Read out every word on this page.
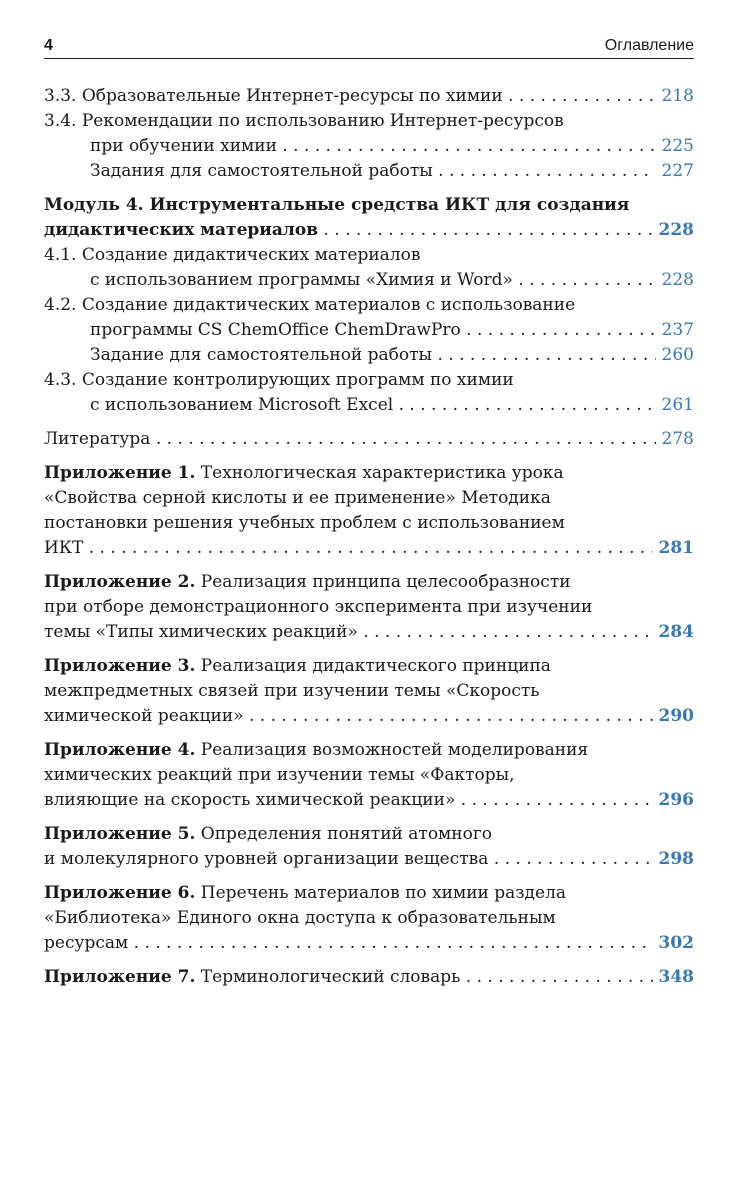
4	Оглавление
3.3. Образовательные Интернет-ресурсы по химии	218
. . .
3.4. Рекомендации по использованию Интернет-ресурсов
при обучении химии	225
. . .
Задания для самостоятельной работы	227
. . .
Модуль 4. Инструментальные средства ИКТ для создания
дидактических материалов	228
. . .
4.1. Создание дидактических материалов
с использованием программы «Химия и Word»	228
. . .
4.2. Создание дидактических материалов с использование
программы CS ChemOffice ChemDrawPro	237
. . .
Задание для самостоятельной работы	260
. . .
4.3. Создание контролирующих программ по химии
с использованием Microsoft Excel	261
. . .
Литература	278
. . .
Приложение 1. Технологическая характеристика урока
«Свойства серной кислоты и ее применение» Методика
постановки решения учебных проблем с использованием
ИКТ	281
. . .
Приложение 2. Реализация принципа целесообразности
при отборе демонстрационного эксперимента при изучении
темы «Типы химических реакций»	284
. . .
Приложение 3. Реализация дидактического принципа
межпредметных связей при изучении темы «Скорость
химической реакции»	290
. . .
Приложение 4. Реализация возможностей моделирования
химических реакций при изучении темы «Факторы,
влияющие на скорость химической реакции»	296
. . .
Приложение 5. Определения понятий атомного
и молекулярного уровней организации вещества	298
. . .
Приложение 6. Перечень материалов по химии раздела
«Библиотека» Единого окна доступа к образовательным
ресурсам	302
. . .
Приложение 7. Терминологический словарь	348
. . .
